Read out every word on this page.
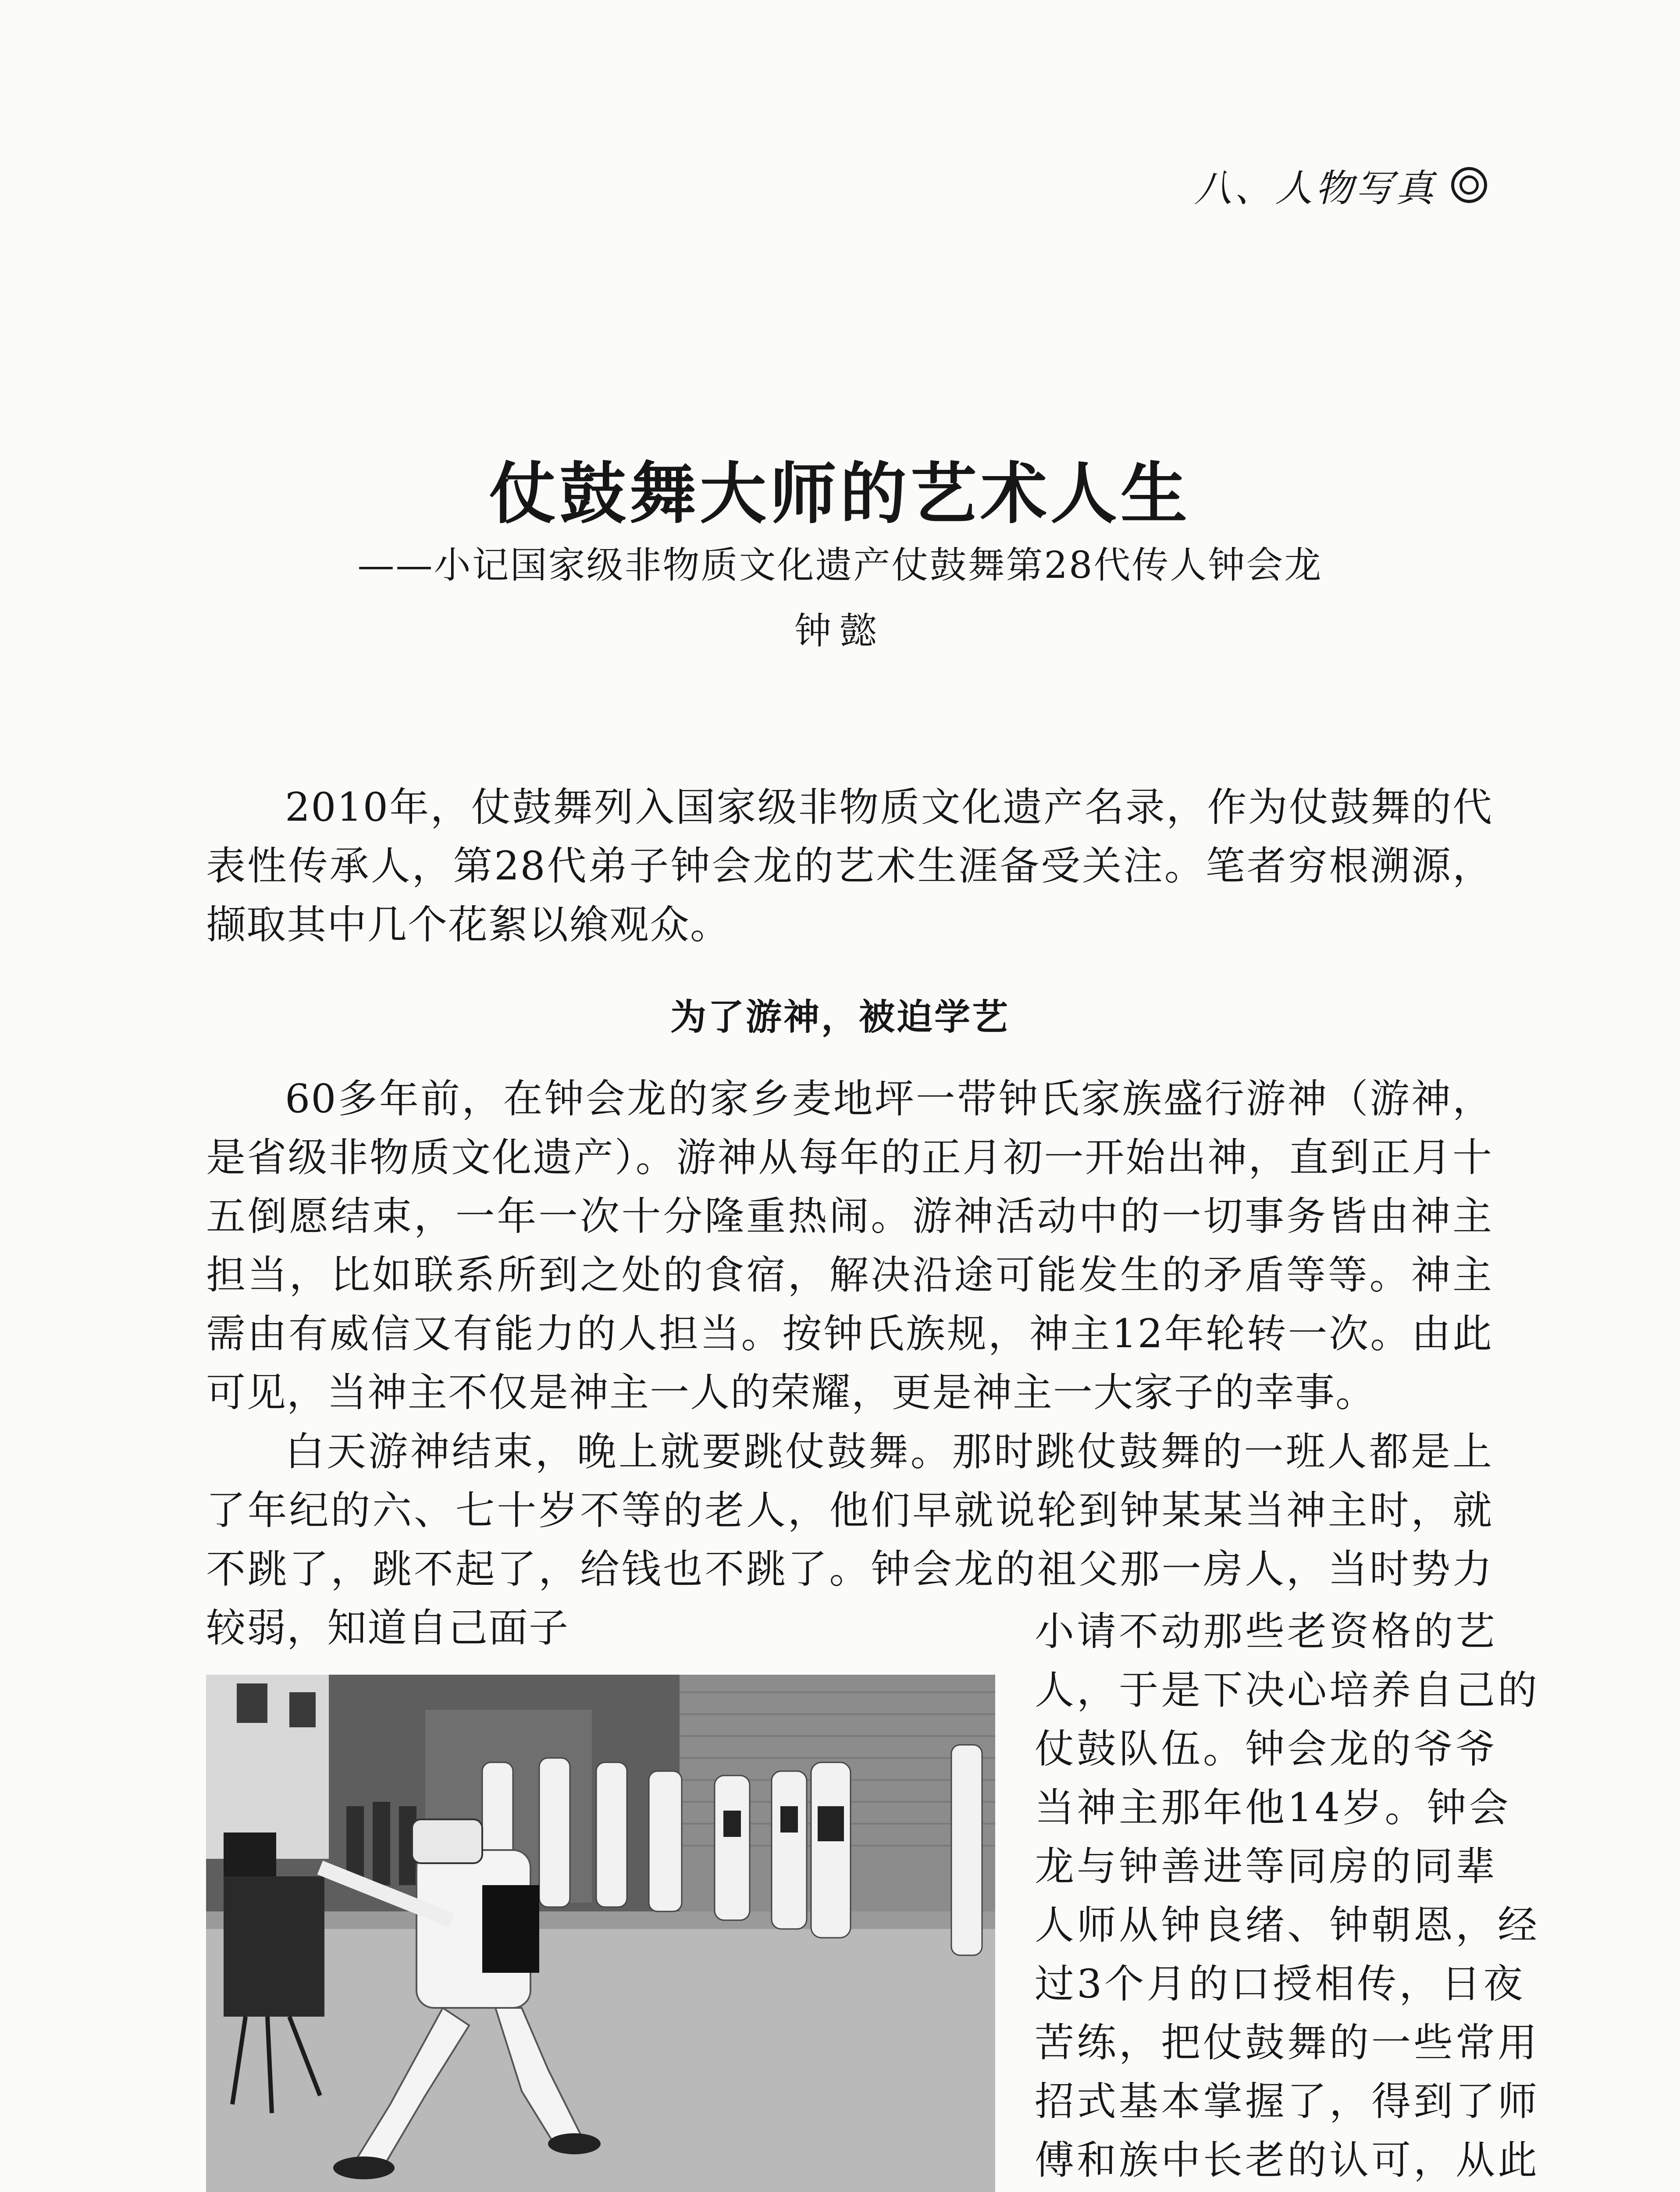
八、人物写真
仗鼓舞大师的艺术人生
——小记国家级非物质文化遗产仗鼓舞第28代传人钟会龙
钟懿

2010年，仗鼓舞列入国家级非物质文化遗产名录，作为仗鼓舞的代表性传承人，第28代弟子钟会龙的艺术生涯备受关注。笔者穷根溯源，撷取其中几个花絮以飨观众。

为了游神，被迫学艺

60多年前，在钟会龙的家乡麦地坪一带钟氏家族盛行游神（游神，是省级非物质文化遗产）。游神从每年的正月初一开始出神，直到正月十五倒愿结束，一年一次十分隆重热闹。游神活动中的一切事务皆由神主担当，比如联系所到之处的食宿，解决沿途可能发生的矛盾等等。神主需由有威信又有能力的人担当。按钟氏族规，神主12年轮转一次。由此可见，当神主不仅是神主一人的荣耀，更是神主一大家子的幸事。

白天游神结束，晚上就要跳仗鼓舞。那时跳仗鼓舞的一班人都是上了年纪的六、七十岁不等的老人，他们早就说轮到钟某某当神主时，就不跳了，跳不起了，给钱也不跳了。钟会龙的祖父那一房人，当时势力较弱，知道自己面子	小请不动那些老资格的艺
人，于是下决心培养自己的
仗鼓队伍。钟会龙的爷爷
当神主那年他14岁。钟会
龙与钟善进等同房的同辈
人师从钟良绪、钟朝恩，经
过3个月的口授相传，日夜
苦练，把仗鼓舞的一些常用
招式基本掌握了，得到了师
傅和族中长老的认可，从此
